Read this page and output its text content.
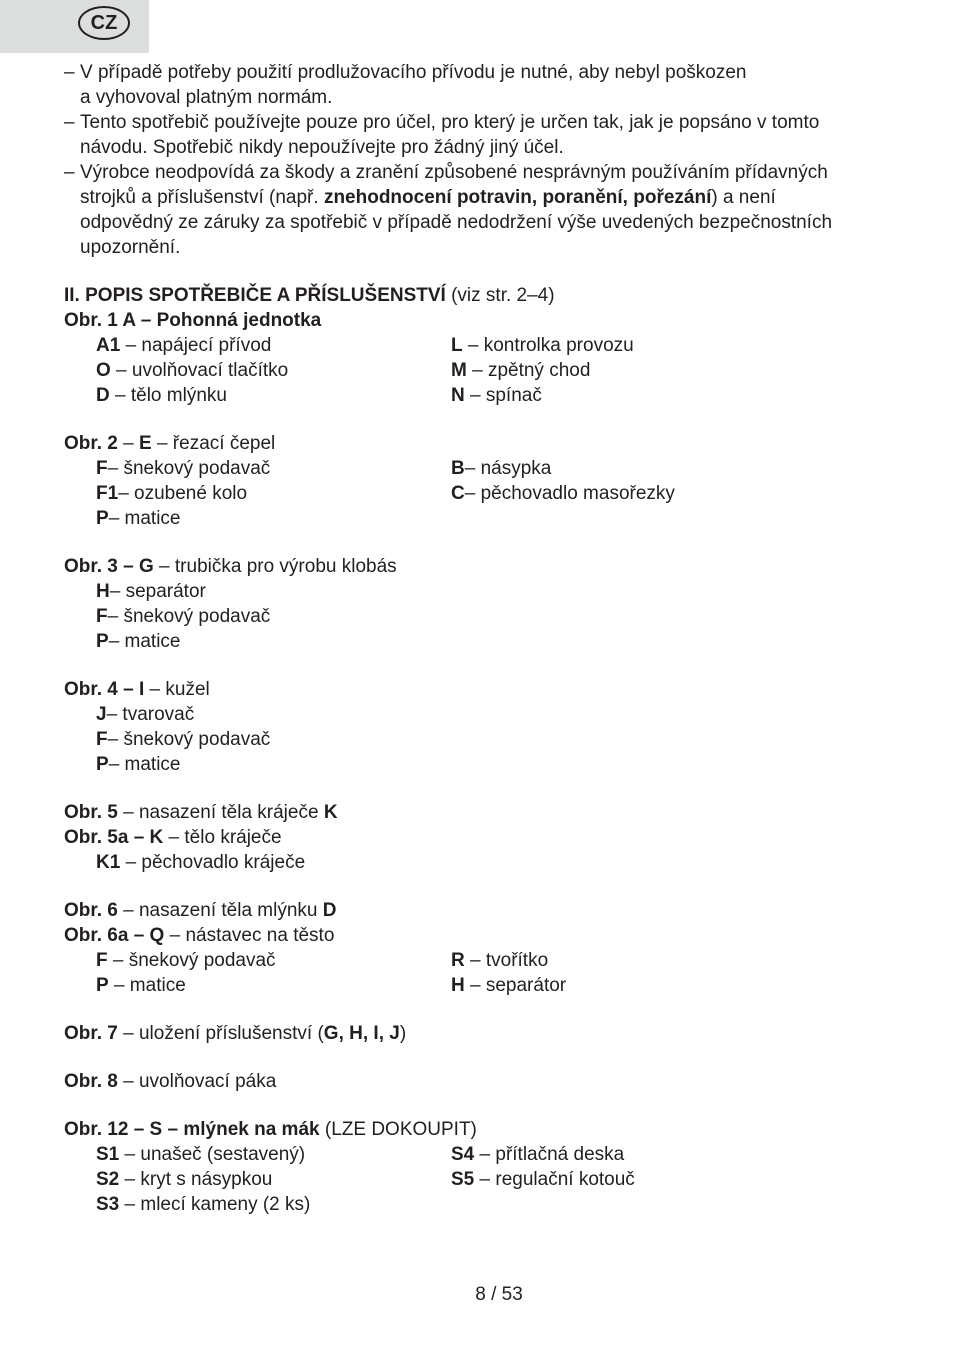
CZ
– V případě potřeby použití prodlužovacího přívodu je nutné, aby nebyl poškozen
a vyhovoval platným normám.
– Tento spotřebič používejte pouze pro účel, pro který je určen tak, jak je popsáno v tomto
návodu. Spotřebič nikdy nepoužívejte pro žádný jiný účel.
– Výrobce neodpovídá za škody a zranění způsobené nesprávným používáním přídavných
strojků a příslušenství (např. znehodnocení potravin, poranění, pořezání) a není
odpovědný ze záruky za spotřebič v případě nedodržení výše uvedených bezpečnostních
upozornění.
II. POPIS SPOTŘEBIČE A PŘÍSLUŠENSTVÍ (viz str. 2–4)
Obr. 1 A – Pohonná jednotka
A1 – napájecí přívod	L – kontrolka provozu
O – uvolňovací tlačítko	M – zpětný chod
D – tělo mlýnku	N – spínač
Obr. 2 – E – řezací čepel
F– šnekový podavač	B– násypka
F1– ozubené kolo	C– pěchovadlo masořezky
P– matice
Obr. 3 – G – trubička pro výrobu klobás
H– separátor
F– šnekový podavač
P– matice
Obr. 4 – I – kužel
J– tvarovač
F– šnekový podavač
P– matice
Obr. 5 – nasazení těla kráječe K
Obr. 5a – K – tělo kráječe
K1 – pěchovadlo kráječe
Obr. 6 – nasazení těla mlýnku D
Obr. 6a – Q – nástavec na těsto
F – šnekový podavač	R – tvořítko
P – matice	H – separátor
Obr. 7 – uložení příslušenství (G, H, I, J)
Obr. 8 – uvolňovací páka
Obr. 12 – S – mlýnek na mák (LZE DOKOUPIT)
S1 – unašeč (sestavený)	S4 – přítlačná deska
S2 – kryt s násypkou	S5 – regulační kotouč
S3 – mlecí kameny (2 ks)
8 / 53
